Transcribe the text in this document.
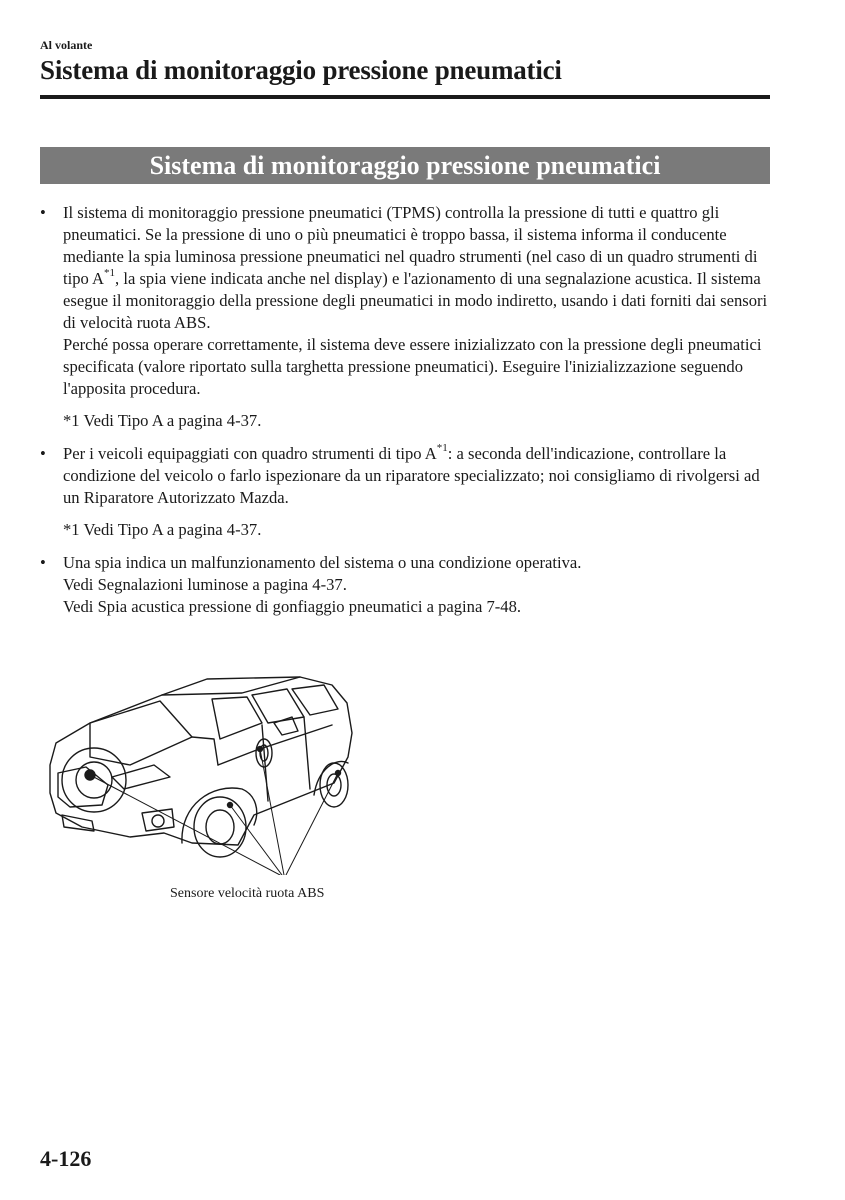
Al volante
Sistema di monitoraggio pressione pneumatici
Sistema di monitoraggio pressione pneumatici
• Il sistema di monitoraggio pressione pneumatici (TPMS) controlla la pressione di tutti e quattro gli pneumatici. Se la pressione di uno o più pneumatici è troppo bassa, il sistema informa il conducente mediante la spia luminosa pressione pneumatici nel quadro strumenti (nel caso di un quadro strumenti di tipo $A^{*1}$, la spia viene indicata anche nel display) e l'azionamento di una segnalazione acustica. Il sistema esegue il monitoraggio della pressione degli pneumatici in modo indiretto, usando i dati forniti dai sensori di velocità ruota ABS.
Perché possa operare correttamente, il sistema deve essere inizializzato con la pressione degli pneumatici specificata (valore riportato sulla targhetta pressione pneumatici). Eseguire l'inizializzazione seguendo l'apposita procedura.
*1 Vedi Tipo A a pagina 4-37.
• Per i veicoli equipaggiati con quadro strumenti di tipo $A^{*1}$: a seconda dell'indicazione, controllare la condizione del veicolo o farlo ispezionare da un riparatore specializzato; noi consigliamo di rivolgersi ad un Riparatore Autorizzato Mazda.
*1 Vedi Tipo A a pagina 4-37.
• Una spia indica un malfunzionamento del sistema o una condizione operativa.
Vedi Segnalazioni luminose a pagina 4-37.
Vedi Spia acustica pressione di gonfiaggio pneumatici a pagina 7-48.
Sensore velocità ruota ABS
4-126
